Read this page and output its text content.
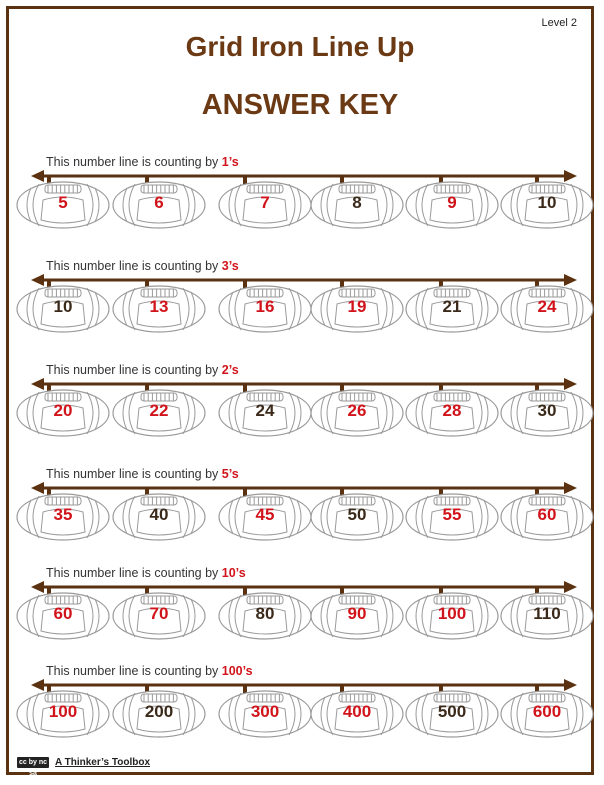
Level 2
Grid Iron Line Up
ANSWER KEY
This number line is counting by 1’s
5	6	7	8	9	10
This number line is counting by 3’s
10	13	16	19	21	24
This number line is counting by 2’s
20	22	24	26	28	30
This number line is counting by 5’s
35	40	45	50	55	60
This number line is counting by 10’s
60	70	80	90	100	110
This number line is counting by 100’s
100	200	300	400	500	600
cc by nc sa
A Thinker’s Toolbox
